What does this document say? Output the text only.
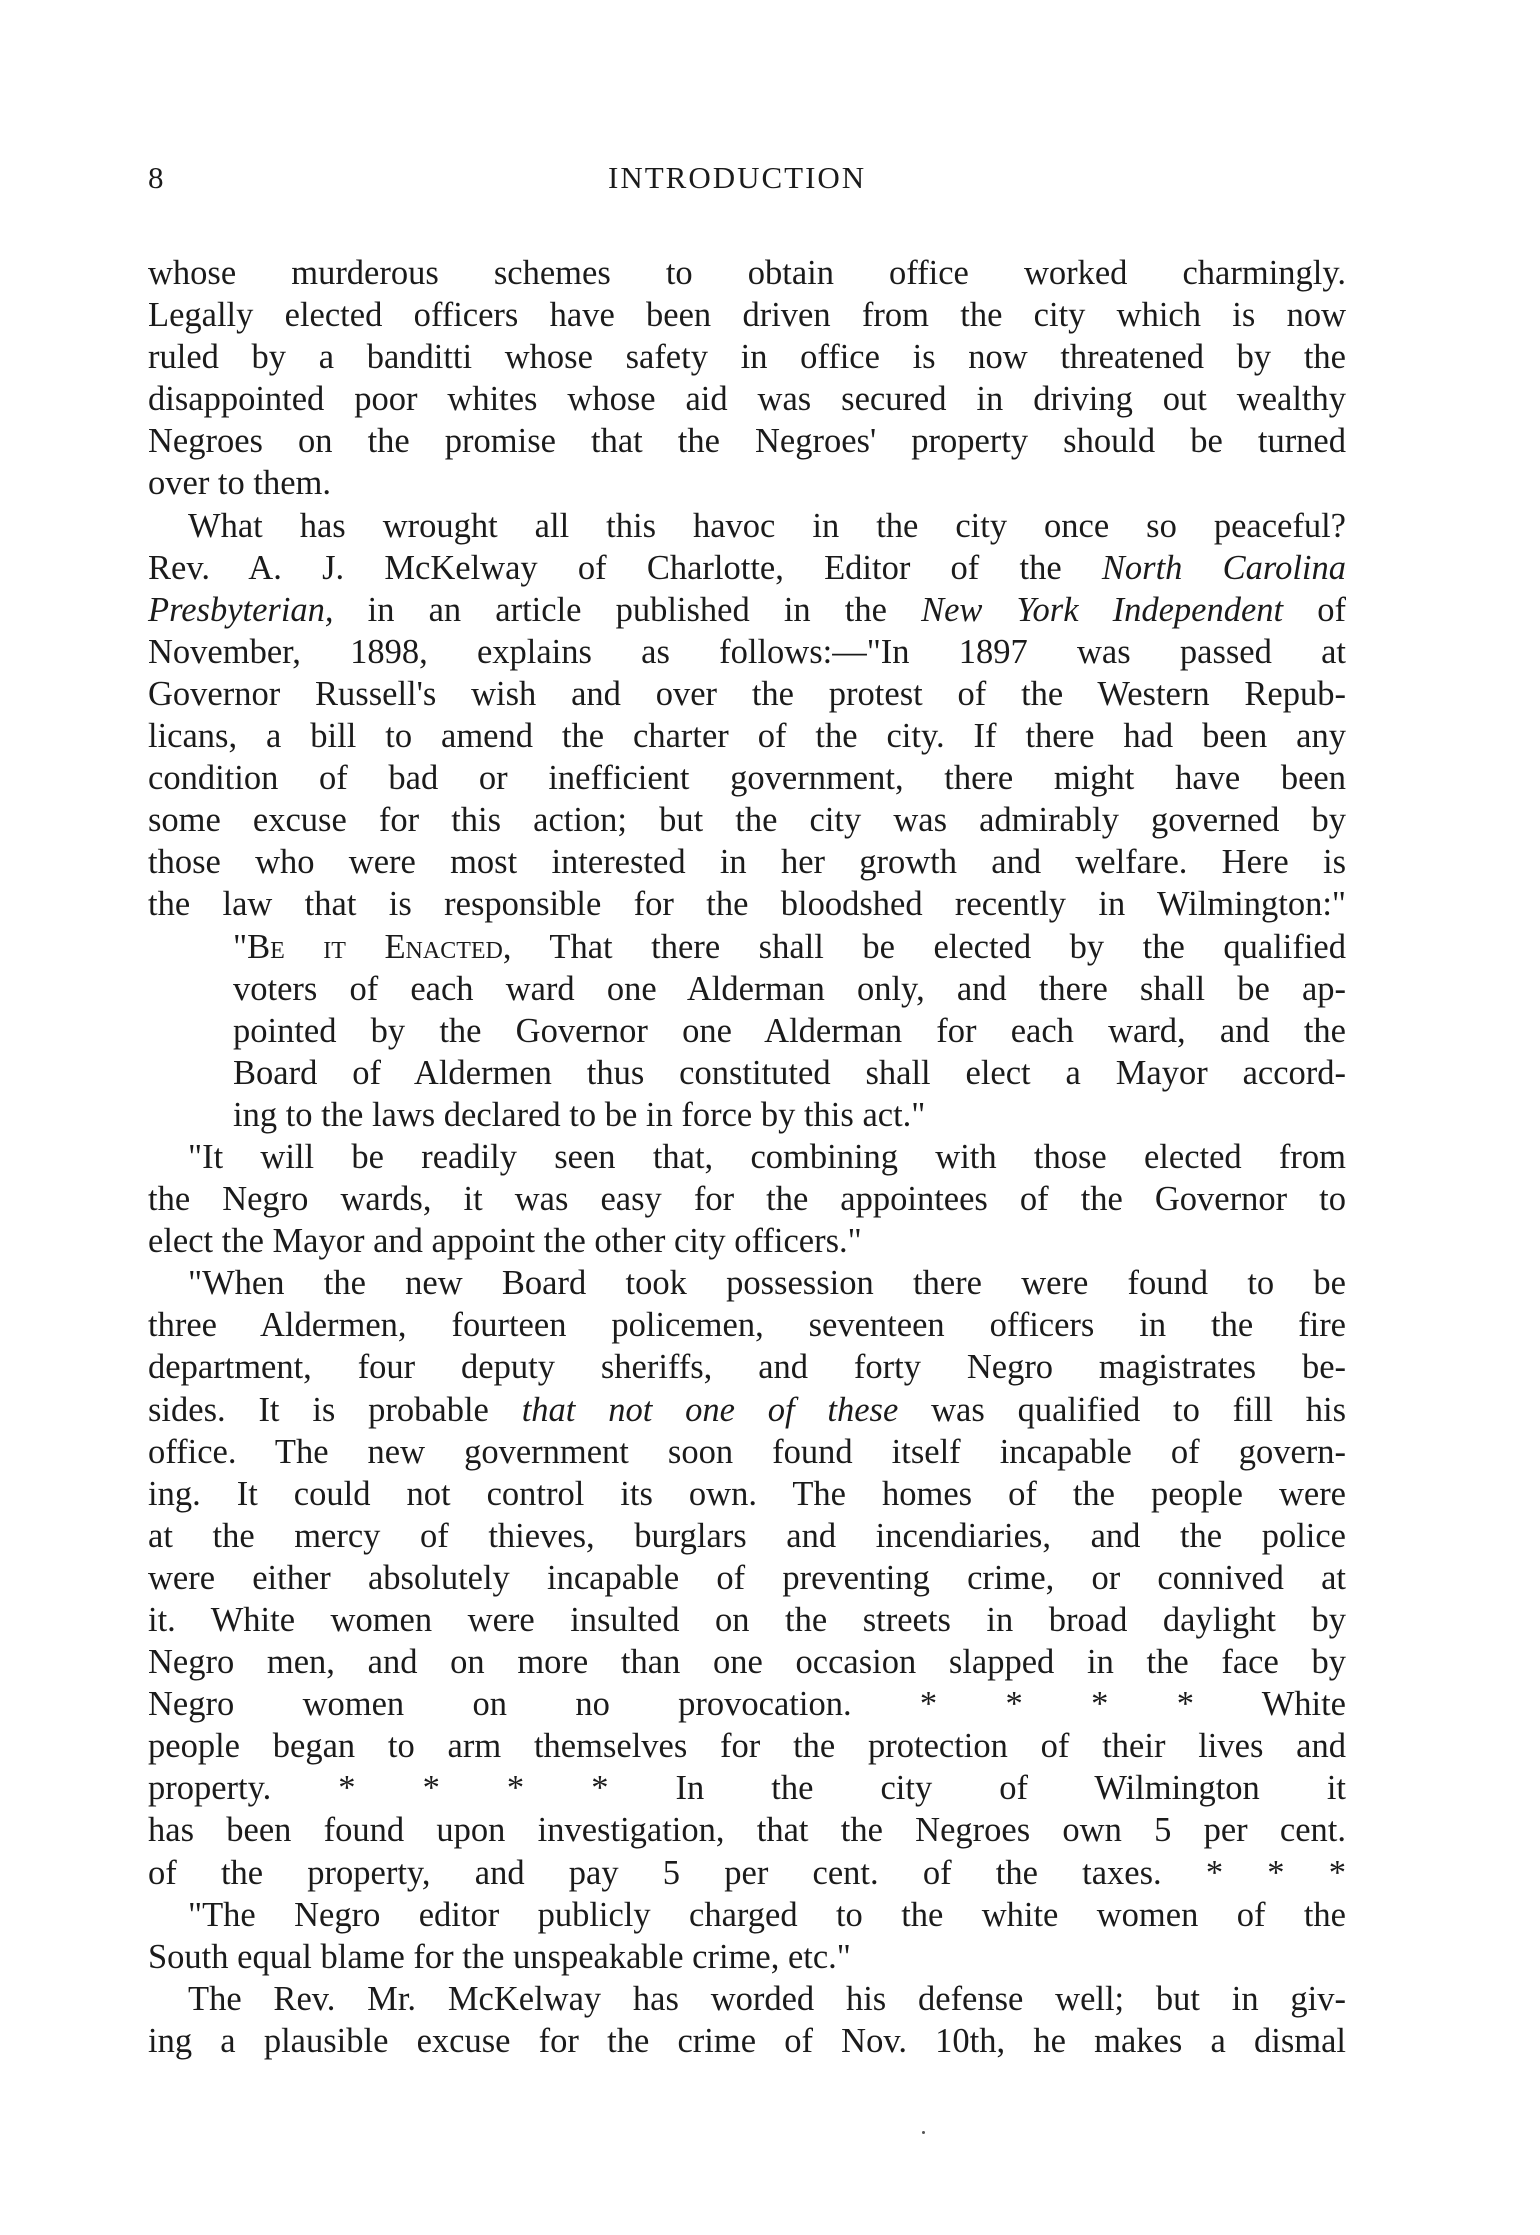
8	INTRODUCTION
whose murderous schemes to obtain office worked charmingly.
Legally elected officers have been driven from the city which is now
ruled by a banditti whose safety in office is now threatened by the
disappointed poor whites whose aid was secured in driving out wealthy
Negroes on the promise that the Negroes' property should be turned
over to them.
What has wrought all this havoc in the city once so peaceful?
Rev. A. J. McKelway of Charlotte, Editor of the North Carolina
Presbyterian, in an article published in the New York Independent of
November, 1898, explains as follows:—"In 1897 was passed at
Governor Russell's wish and over the protest of the Western Repub-
licans, a bill to amend the charter of the city. If there had been any
condition of bad or inefficient government, there might have been
some excuse for this action; but the city was admirably governed by
those who were most interested in her growth and welfare. Here is
the law that is responsible for the bloodshed recently in Wilmington:"
"Be it Enacted, That there shall be elected by the qualified
voters of each ward one Alderman only, and there shall be ap-
pointed by the Governor one Alderman for each ward, and the
Board of Aldermen thus constituted shall elect a Mayor accord-
ing to the laws declared to be in force by this act."
"It will be readily seen that, combining with those elected from
the Negro wards, it was easy for the appointees of the Governor to
elect the Mayor and appoint the other city officers."
"When the new Board took possession there were found to be
three Aldermen, fourteen policemen, seventeen officers in the fire
department, four deputy sheriffs, and forty Negro magistrates be-
sides. It is probable that not one of these was qualified to fill his
office. The new government soon found itself incapable of govern-
ing. It could not control its own. The homes of the people were
at the mercy of thieves, burglars and incendiaries, and the police
were either absolutely incapable of preventing crime, or connived at
it. White women were insulted on the streets in broad daylight by
Negro men, and on more than one occasion slapped in the face by
Negro women on no provocation. * * * * White
people began to arm themselves for the protection of their lives and
property. * * * * In the city of Wilmington it
has been found upon investigation, that the Negroes own 5 per cent.
of the property, and pay 5 per cent. of the taxes. * * *
"The Negro editor publicly charged to the white women of the
South equal blame for the unspeakable crime, etc."
The Rev. Mr. McKelway has worded his defense well; but in giv-
ing a plausible excuse for the crime of Nov. 10th, he makes a dismal
